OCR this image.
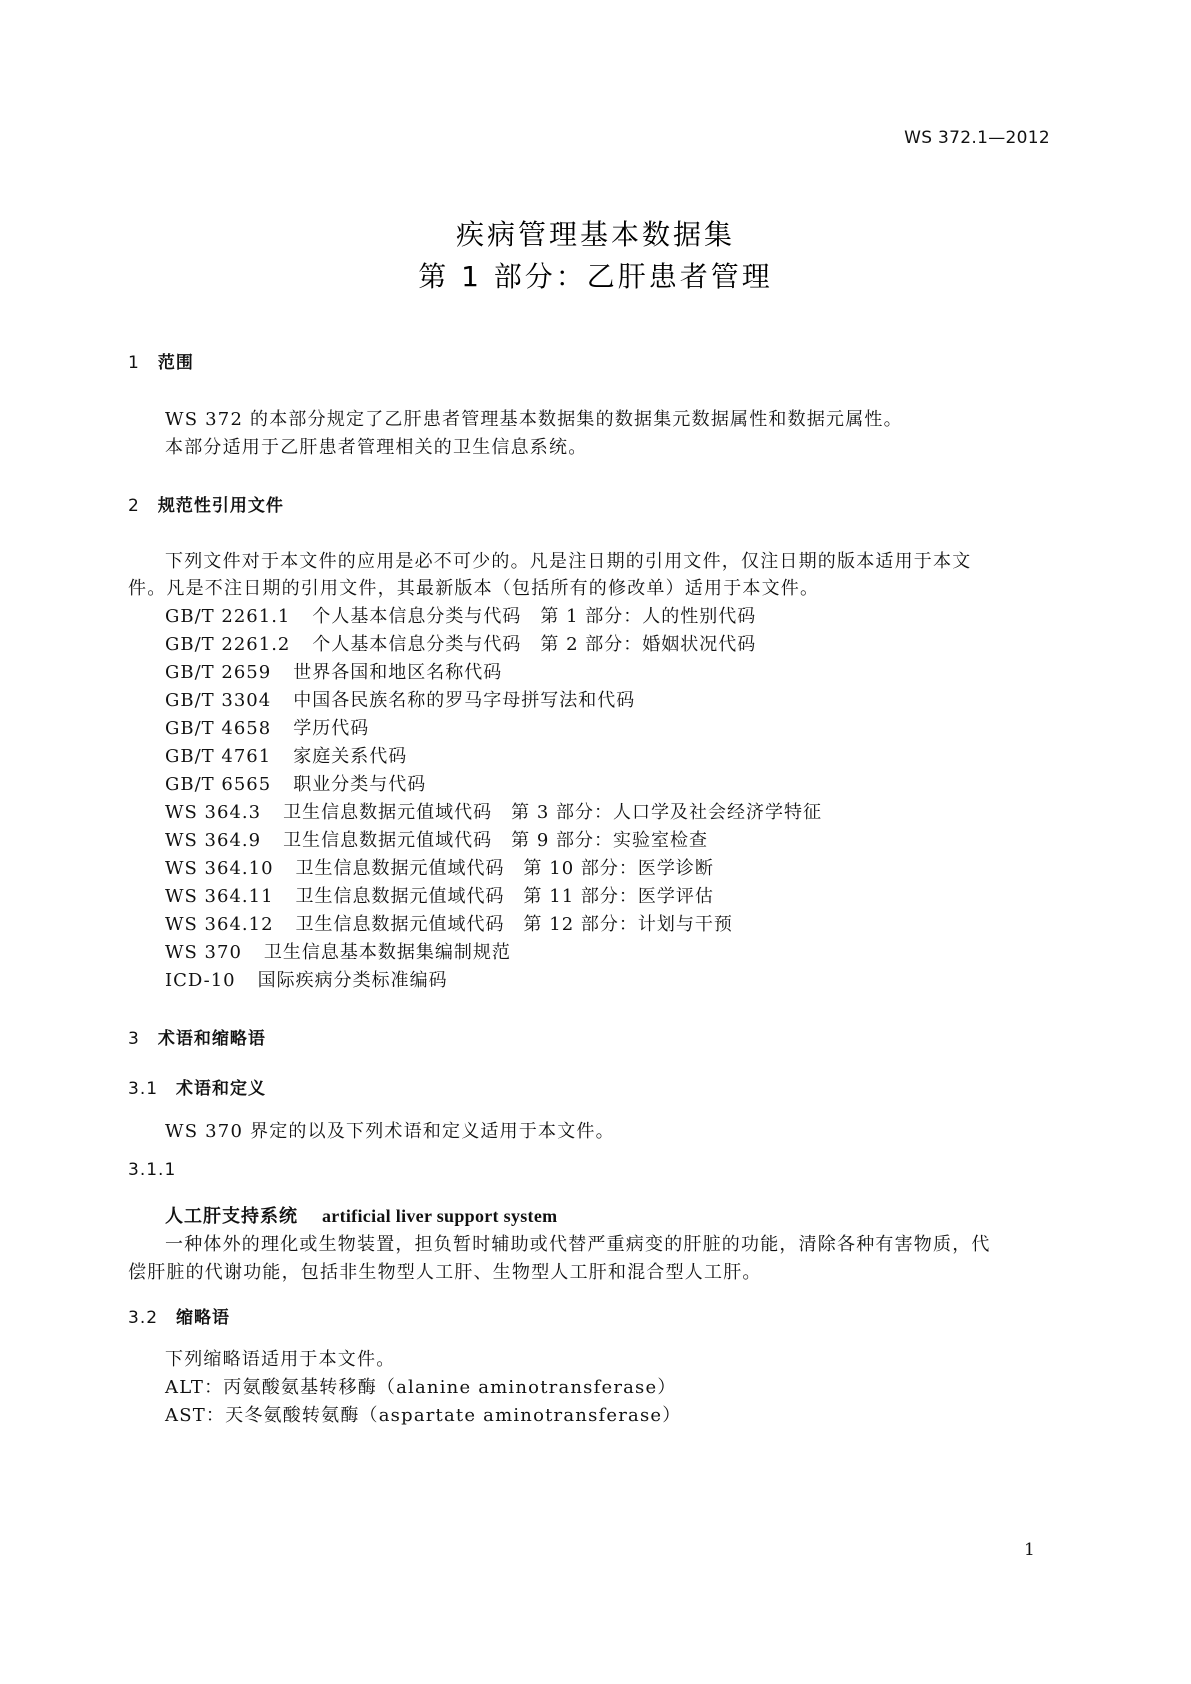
WS 372.1—2012
疾病管理基本数据集
第 1 部分：乙肝患者管理
1 范围
WS 372 的本部分规定了乙肝患者管理基本数据集的数据集元数据属性和数据元属性。
本部分适用于乙肝患者管理相关的卫生信息系统。
2 规范性引用文件
下列文件对于本文件的应用是必不可少的。凡是注日期的引用文件，仅注日期的版本适用于本文
件。凡是不注日期的引用文件，其最新版本（包括所有的修改单）适用于本文件。
GB/T 2261.1 个人基本信息分类与代码　第 1 部分：人的性别代码
GB/T 2261.2 个人基本信息分类与代码　第 2 部分：婚姻状况代码
GB/T 2659 世界各国和地区名称代码
GB/T 3304 中国各民族名称的罗马字母拼写法和代码
GB/T 4658 学历代码
GB/T 4761 家庭关系代码
GB/T 6565 职业分类与代码
WS 364.3 卫生信息数据元值域代码　第 3 部分：人口学及社会经济学特征
WS 364.9 卫生信息数据元值域代码　第 9 部分：实验室检查
WS 364.10 卫生信息数据元值域代码　第 10 部分：医学诊断
WS 364.11 卫生信息数据元值域代码　第 11 部分：医学评估
WS 364.12 卫生信息数据元值域代码　第 12 部分：计划与干预
WS 370 卫生信息基本数据集编制规范
ICD-10 国际疾病分类标准编码
3 术语和缩略语
3.1 术语和定义
WS 370 界定的以及下列术语和定义适用于本文件。
3.1.1
人工肝支持系统 artificial liver support system
一种体外的理化或生物装置，担负暂时辅助或代替严重病变的肝脏的功能，清除各种有害物质，代
偿肝脏的代谢功能，包括非生物型人工肝、生物型人工肝和混合型人工肝。
3.2 缩略语
下列缩略语适用于本文件。
ALT：丙氨酸氨基转移酶（alanine aminotransferase）
AST：天冬氨酸转氨酶（aspartate aminotransferase）
1
